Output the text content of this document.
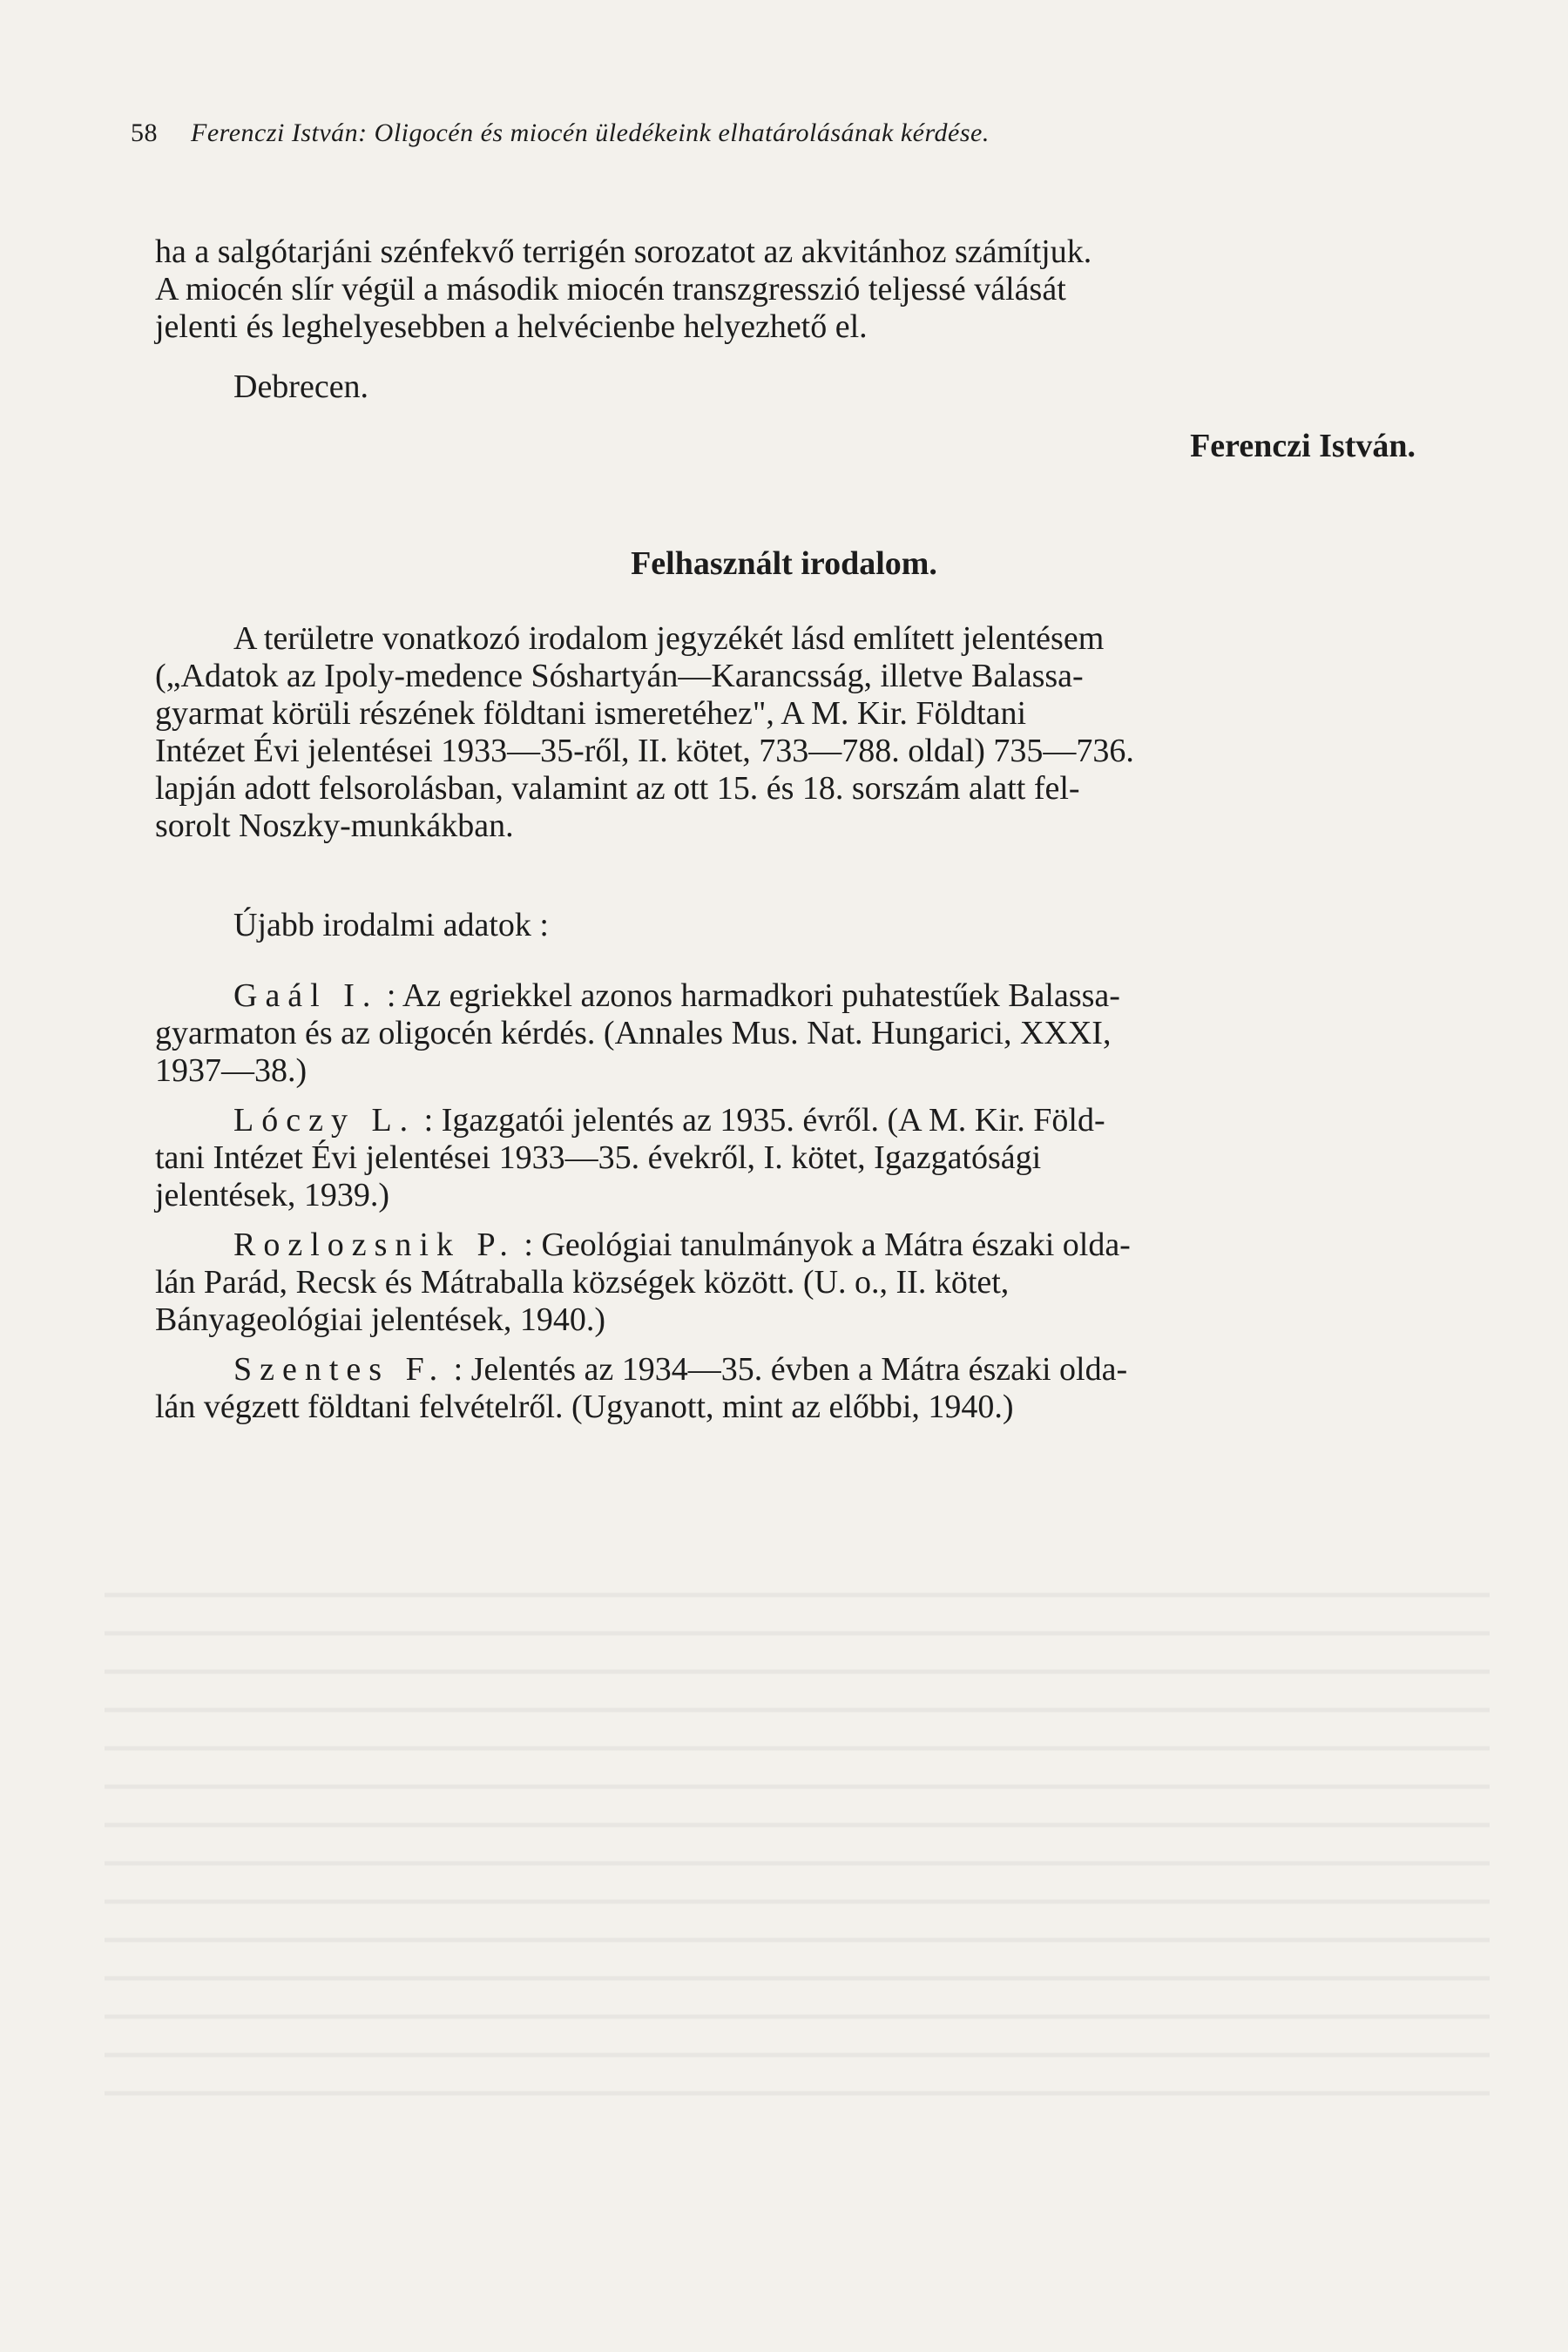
58 Ferenczi István: Oligocén és miocén üledékeink elhatárolásának kérdése.
ha a salgótarjáni szénfekvő terrigén sorozatot az akvitánhoz számítjuk.
A miocén slír végül a második miocén transzgresszió teljessé válását
jelenti és leghelyesebben a helvécienbe helyezhető el.
Debrecen.
Ferenczi István.
Felhasznált irodalom.
A területre vonatkozó irodalom jegyzékét lásd említett jelentésem
(„Adatok az Ipoly-medence Sóshartyán—Karancsság, illetve Balassa-
gyarmat körüli részének földtani ismeretéhez", A M. Kir. Földtani
Intézet Évi jelentései 1933—35-ről, II. kötet, 733—788. oldal) 735—736.
lapján adott felsorolásban, valamint az ott 15. és 18. sorszám alatt fel-
sorolt Noszky-munkákban.
Újabb irodalmi adatok :
Gaál I. : Az egriekkel azonos harmadkori puhatestűek Balassa-
gyarmaton és az oligocén kérdés. (Annales Mus. Nat. Hungarici, XXXI,
1937—38.)
Lóczy L. : Igazgatói jelentés az 1935. évről. (A M. Kir. Föld-
tani Intézet Évi jelentései 1933—35. évekről, I. kötet, Igazgatósági
jelentések, 1939.)
Rozlozsnik P. : Geológiai tanulmányok a Mátra északi olda-
lán Parád, Recsk és Mátraballa községek között. (U. o., II. kötet,
Bányageológiai jelentések, 1940.)
Szentes F. : Jelentés az 1934—35. évben a Mátra északi olda-
lán végzett földtani felvételről. (Ugyanott, mint az előbbi, 1940.)
